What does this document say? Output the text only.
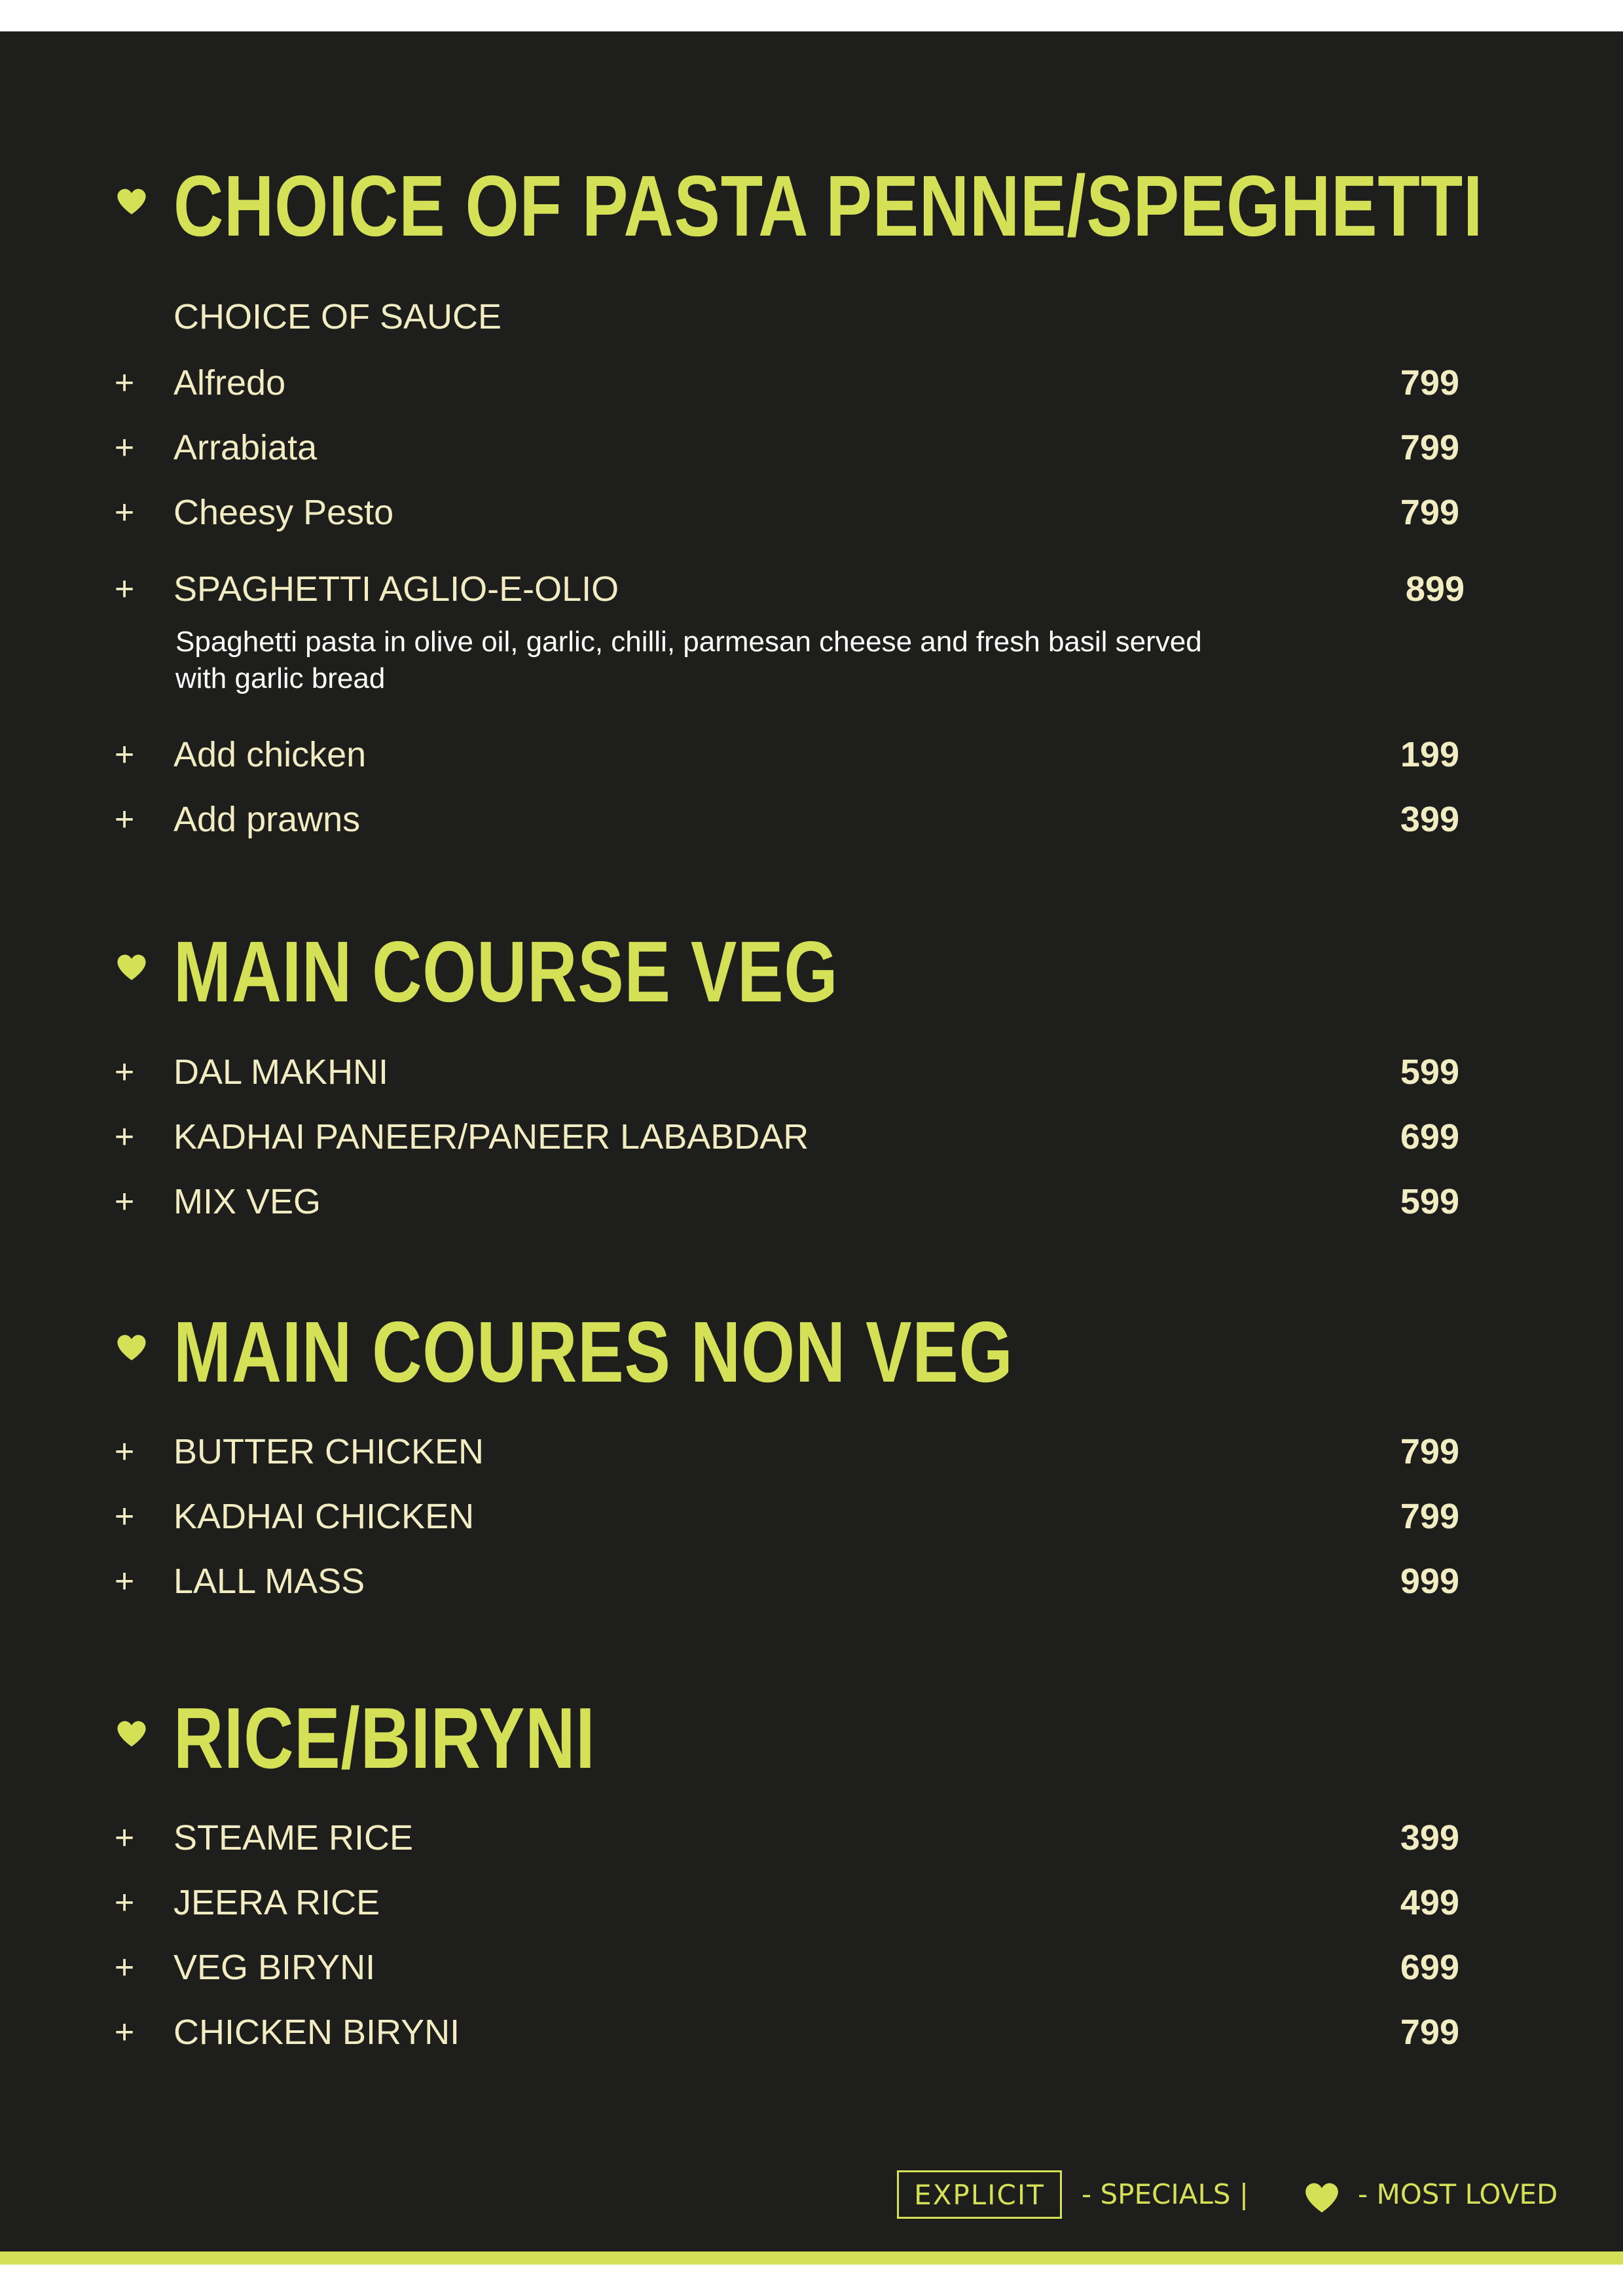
CHOICE OF PASTA PENNE/SPEGHETTI
CHOICE OF SAUCE
+ Alfredo	799
+ Arrabiata	799
+ Cheesy Pesto	799
+ SPAGHETTI AGLIO-E-OLIO	899
Spaghetti pasta in olive oil, garlic, chilli, parmesan cheese and fresh basil served with garlic bread
+ Add chicken	199
+ Add prawns	399
MAIN COURSE VEG
+ DAL MAKHNI	599
+ KADHAI PANEER/PANEER LABABDAR	699
+ MIX VEG	599
MAIN COURES NON VEG
+ BUTTER CHICKEN	799
+ KADHAI CHICKEN	799
+ LALL MASS	999
RICE/BIRYNI
+ STEAME RICE	399
+ JEERA RICE	499
+ VEG BIRYNI	699
+ CHICKEN BIRYNI	799
EXPLICIT	- SPECIALS |	- MOST LOVED
